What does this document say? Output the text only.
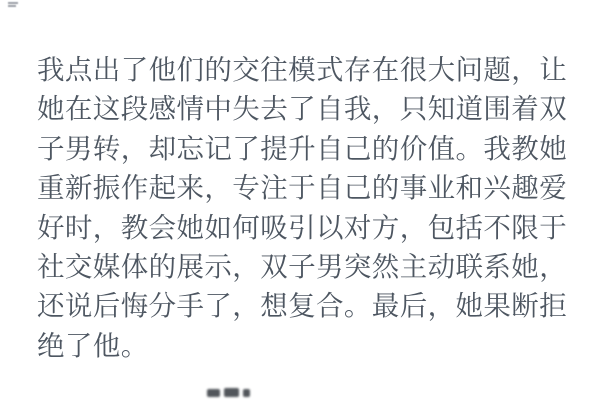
我点出了他们的交往模式存在很大问题，让
她在这段感情中失去了自我，只知道围着双
子男转，却忘记了提升自己的价值。我教她
重新振作起来，专注于自己的事业和兴趣爱
好时，教会她如何吸引以对方，包括不限于
社交媒体的展示，双子男突然主动联系她，
还说后悔分手了，想复合。最后，她果断拒
绝了他。
